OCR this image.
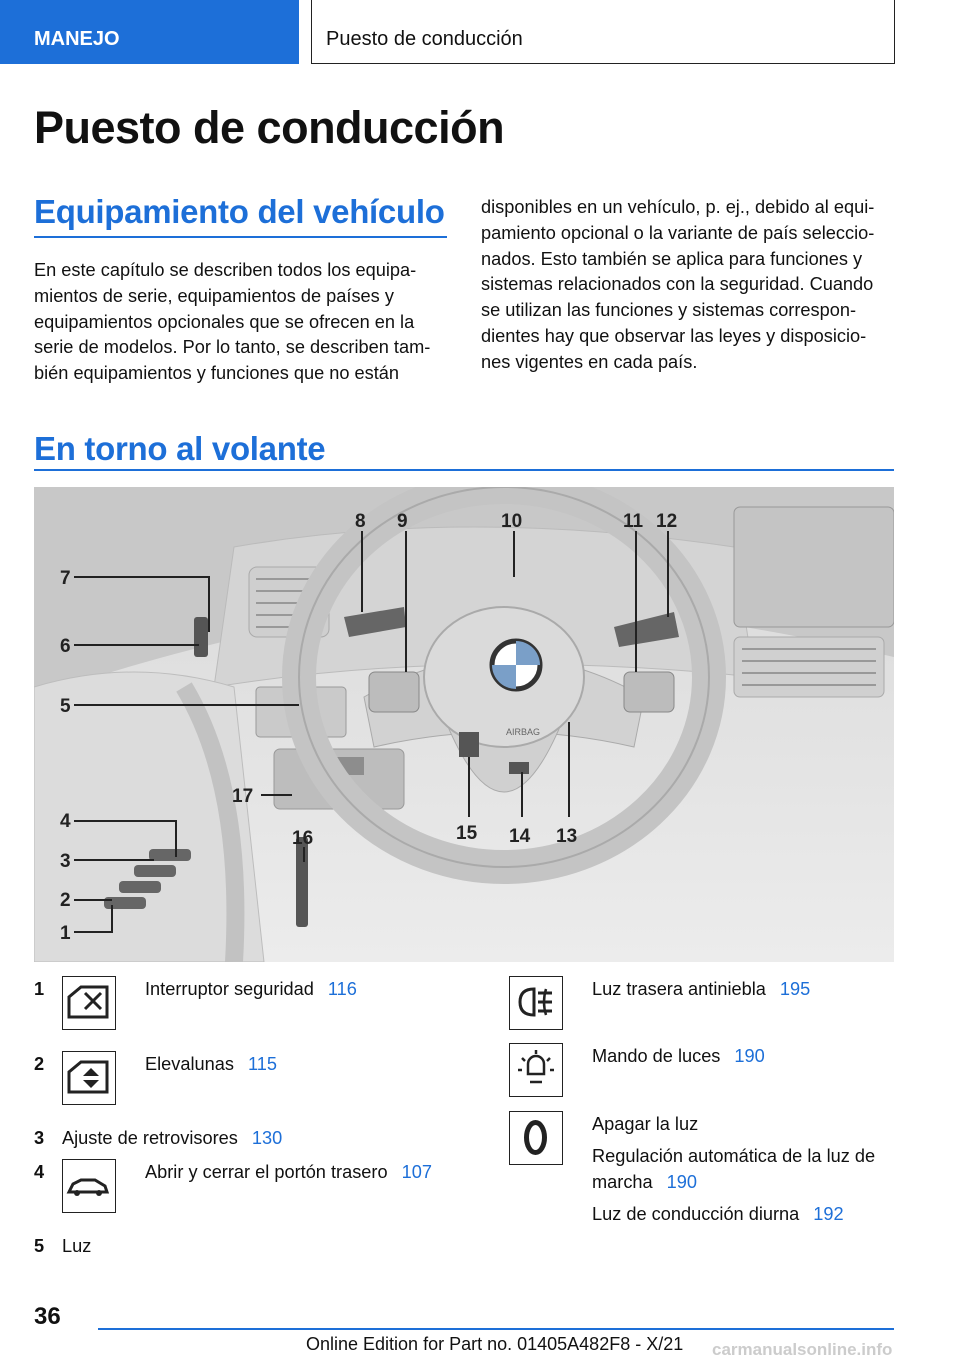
MANEJO	Puesto de conducción
Puesto de conducción
Equipamiento del vehículo
En este capítulo se describen todos los equipa-
mientos de serie, equipamientos de países y
equipamientos opcionales que se ofrecen en la
serie de modelos. Por lo tanto, se describen tam-
bién equipamientos y funciones que no están
disponibles en un vehículo, p. ej., debido al equi-
pamiento opcional o la variante de país seleccio-
nados. Esto también se aplica para funciones y
sistemas relacionados con la seguridad. Cuando
se utilizan las funciones y sistemas correspon-
dientes hay que observar las leyes y disposicio-
nes vigentes en cada país.
En torno al volante
AIRBAG
1
2
3
4
5
6
7
8 9	10	11 12
13
14
15
16
17
1	Interruptor seguridad 116
2	Elevalunas 115
3 Ajuste de retrovisores 130
4	Abrir y cerrar el portón trasero 107
5 Luz
Luz trasera antiniebla 195
Mando de luces 190
Apagar la luz
Regulación automática de la luz de
marcha 190
Luz de conducción diurna 192
36
Online Edition for Part no. 01405A482F8 - X/21 carmanualsonline.info
